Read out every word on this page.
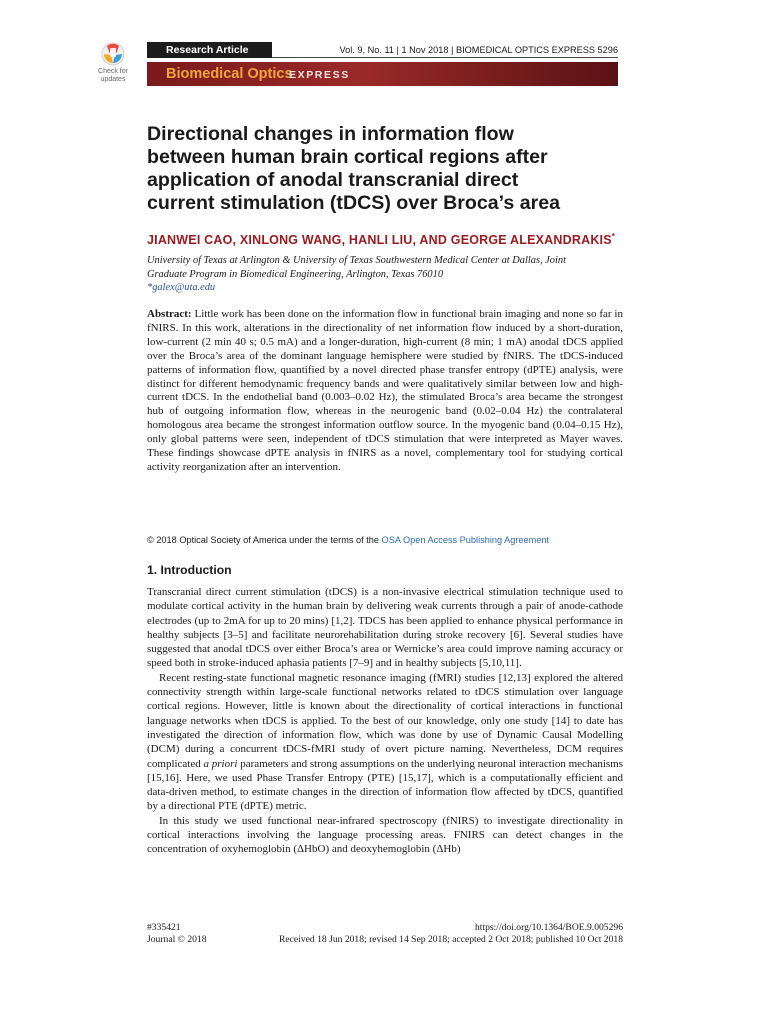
Check for
updates
Research Article	Vol. 9, No. 11 | 1 Nov 2018 | BIOMEDICAL OPTICS EXPRESS 5296
Biomedical Optics
EXPRESS
Directional changes in information flow
between human brain cortical regions after
application of anodal transcranial direct
current stimulation (tDCS) over Broca’s area
JIANWEI CAO, XINLONG WANG, HANLI LIU, AND GEORGE ALEXANDRAKIS*
University of Texas at Arlington & University of Texas Southwestern Medical Center at Dallas, Joint
Graduate Program in Biomedical Engineering, Arlington, Texas 76010
*galex@uta.edu
Abstract: Little work has been done on the information flow in functional brain imaging and none so far in fNIRS. In this work, alterations in the directionality of net information flow induced by a short-duration, low-current (2 min 40 s; 0.5 mA) and a longer-duration, high-current (8 min; 1 mA) anodal tDCS applied over the Broca’s area of the dominant language hemisphere were studied by fNIRS. The tDCS-induced patterns of information flow, quantified by a novel directed phase transfer entropy (dPTE) analysis, were distinct for different hemodynamic frequency bands and were qualitatively similar between low and high-current tDCS. In the endothelial band (0.003–0.02 Hz), the stimulated Broca’s area became the strongest hub of outgoing information flow, whereas in the neurogenic band (0.02–0.04 Hz) the contralateral homologous area became the strongest information outflow source. In the myogenic band (0.04–0.15 Hz), only global patterns were seen, independent of tDCS stimulation that were interpreted as Mayer waves. These findings showcase dPTE analysis in fNIRS as a novel, complementary tool for studying cortical activity reorganization after an intervention.
© 2018 Optical Society of America under the terms of the OSA Open Access Publishing Agreement
1. Introduction

Transcranial direct current stimulation (tDCS) is a non-invasive electrical stimulation technique used to modulate cortical activity in the human brain by delivering weak currents through a pair of anode-cathode electrodes (up to 2mA for up to 20 mins) [1,2]. TDCS has been applied to enhance physical performance in healthy subjects [3–5] and facilitate neurorehabilitation during stroke recovery [6]. Several studies have suggested that anodal tDCS over either Broca’s area or Wernicke’s area could improve naming accuracy or speed both in stroke-induced aphasia patients [7–9] and in healthy subjects [5,10,11].

Recent resting-state functional magnetic resonance imaging (fMRI) studies [12,13] explored the altered connectivity strength within large-scale functional networks related to tDCS stimulation over language cortical regions. However, little is known about the directionality of cortical interactions in functional language networks when tDCS is applied. To the best of our knowledge, only one study [14] to date has investigated the direction of information flow, which was done by use of Dynamic Causal Modelling (DCM) during a concurrent tDCS-fMRI study of overt picture naming. Nevertheless, DCM requires complicated a priori parameters and strong assumptions on the underlying neuronal interaction mechanisms [15,16]. Here, we used Phase Transfer Entropy (PTE) [15,17], which is a computationally efficient and data-driven method, to estimate changes in the direction of information flow affected by tDCS, quantified by a directional PTE (dPTE) metric.

In this study we used functional near-infrared spectroscopy (fNIRS) to investigate directionality in cortical interactions involving the language processing areas. FNIRS can detect changes in the concentration of oxyhemoglobin (ΔHbO) and deoxyhemoglobin (ΔHb)

#335421	https://doi.org/10.1364/BOE.9.005296
Journal © 2018	Received 18 Jun 2018; revised 14 Sep 2018; accepted 2 Oct 2018; published 10 Oct 2018
